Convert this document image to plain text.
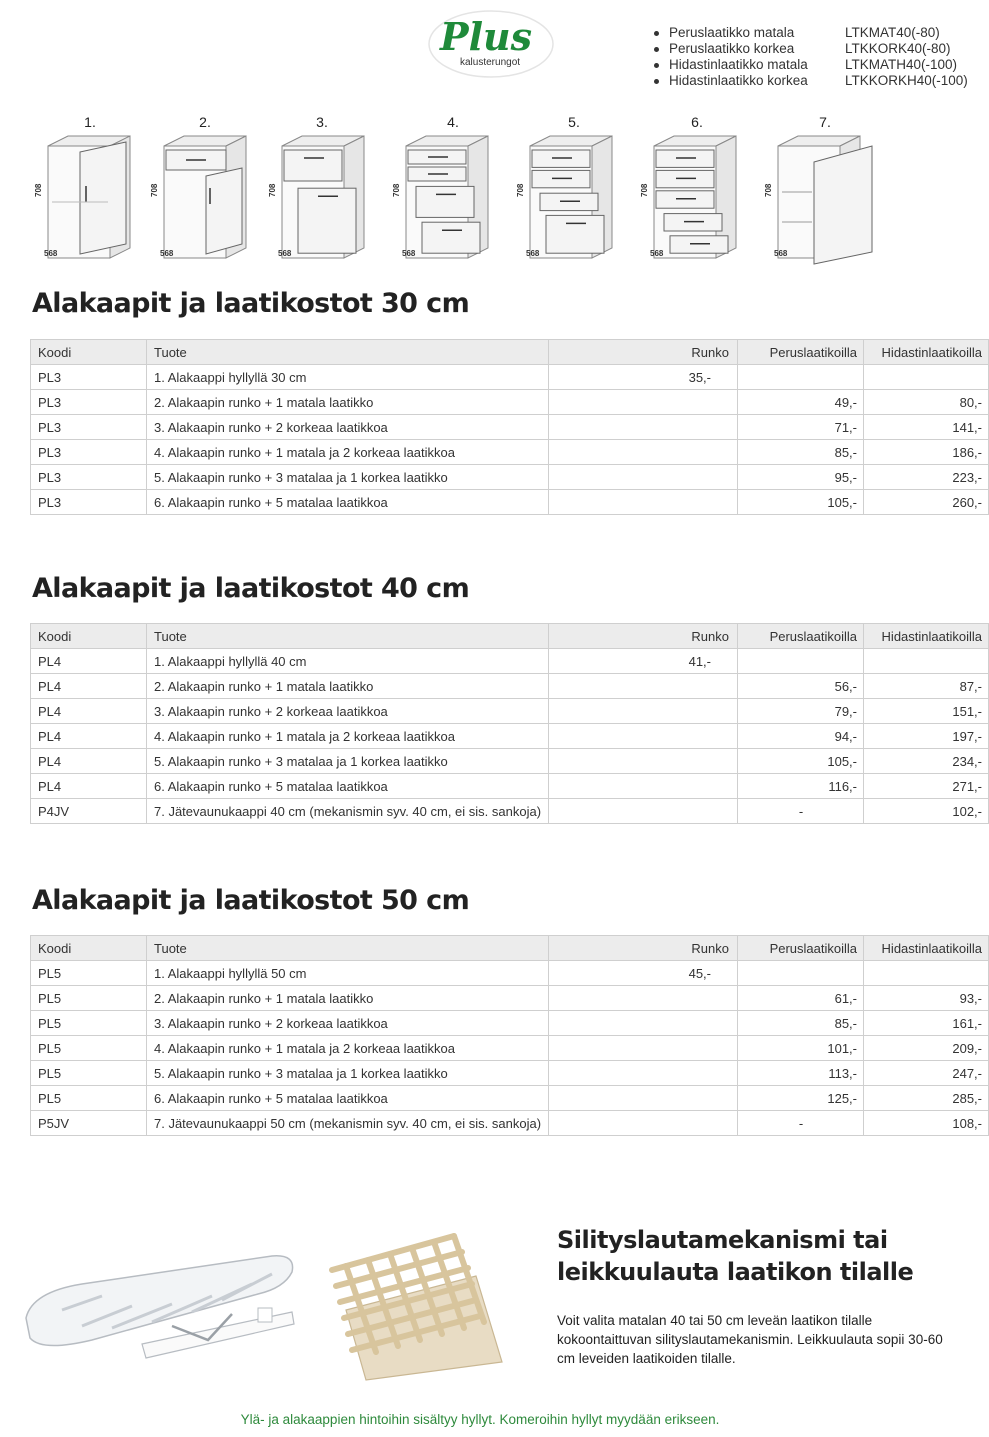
Plus
kalusterungot
Peruslaatikko matala	LTKMAT40(-80)
Peruslaatikko korkea	LTKKORK40(-80)
Hidastinlaatikko matala	LTKMATH40(-100)
Hidastinlaatikko korkea	LTKKORKH40(-100)
1.	2.	3.	4.	5.	6.	7.
708
568
708
568
708
568
708
568
708
568
708
568
708
568
Alakaapit ja laatikostot 30 cm
Koodi	Tuote	Runko	Peruslaatikoilla	Hidastinlaatikoilla
PL3	1. Alakaappi hyllyllä 30 cm	35,-		
PL3	2. Alakaapin runko + 1 matala laatikko		49,-	80,-
PL3	3. Alakaapin runko + 2 korkeaa laatikkoa		71,-	141,-
PL3	4. Alakaapin runko + 1 matala ja 2 korkeaa laatikkoa		85,-	186,-
PL3	5. Alakaapin runko + 3 matalaa ja 1 korkea laatikko		95,-	223,-
PL3	6. Alakaapin runko + 5 matalaa laatikkoa		105,-	260,-
Alakaapit ja laatikostot 40 cm
Koodi	Tuote	Runko	Peruslaatikoilla	Hidastinlaatikoilla
PL4	1. Alakaappi hyllyllä 40 cm	41,-		
PL4	2. Alakaapin runko + 1 matala laatikko		56,-	87,-
PL4	3. Alakaapin runko + 2 korkeaa laatikkoa		79,-	151,-
PL4	4. Alakaapin runko + 1 matala ja 2 korkeaa laatikkoa		94,-	197,-
PL4	5. Alakaapin runko + 3 matalaa ja 1 korkea laatikko		105,-	234,-
PL4	6. Alakaapin runko + 5 matalaa laatikkoa		116,-	271,-
P4JV	7. Jätevaunukaappi 40 cm (mekanismin syv. 40 cm, ei sis. sankoja)		-	102,-
Alakaapit ja laatikostot 50 cm
Koodi	Tuote	Runko	Peruslaatikoilla	Hidastinlaatikoilla
PL5	1. Alakaappi hyllyllä 50 cm	45,-		
PL5	2. Alakaapin runko + 1 matala laatikko		61,-	93,-
PL5	3. Alakaapin runko + 2 korkeaa laatikkoa		85,-	161,-
PL5	4. Alakaapin runko + 1 matala ja 2 korkeaa laatikkoa		101,-	209,-
PL5	5. Alakaapin runko + 3 matalaa ja 1 korkea laatikko		113,-	247,-
PL5	6. Alakaapin runko + 5 matalaa laatikkoa		125,-	285,-
P5JV	7. Jätevaunukaappi 50 cm (mekanismin syv. 40 cm, ei sis. sankoja)		-	108,-
Silityslautamekanismi tai
leikkuulauta laatikon tilalle
Voit valita matalan 40 tai 50 cm leveän laatikon tilalle kokoontaittuvan silityslautamekanismin. Leikkuulauta sopii 30-60 cm leveiden laatikoiden tilalle.
Ylä- ja alakaappien hintoihin sisältyy hyllyt. Komeroihin hyllyt myydään erikseen.
